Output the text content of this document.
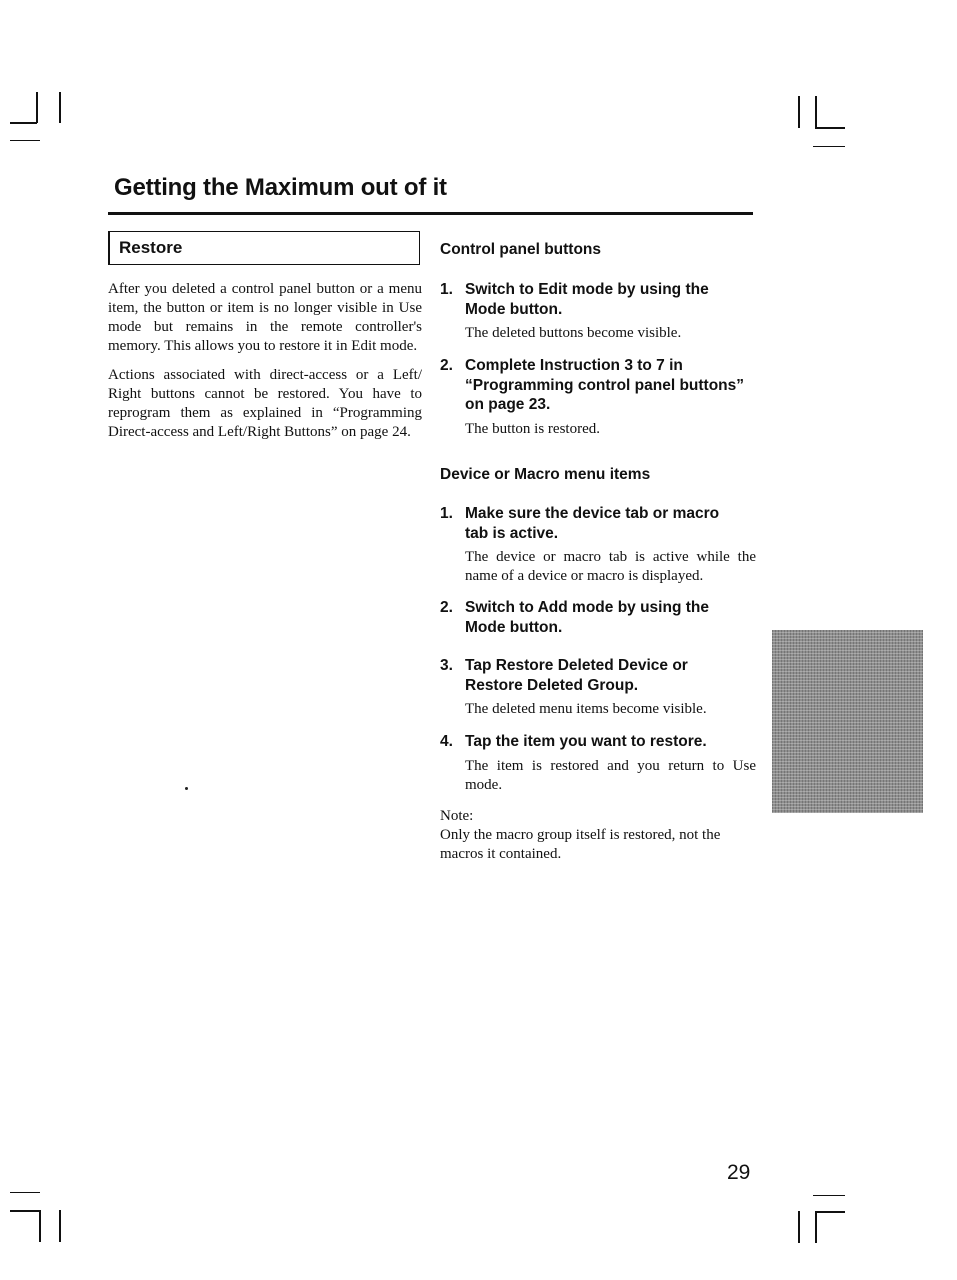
Getting the Maximum out of it
Restore

After you deleted a control panel button or a menu item, the button or item is no longer visible in Use mode but remains in the remote controller's memory. This allows you to restore it in Edit mode.

Actions associated with direct-access or a Left/ Right buttons cannot be restored. You have to reprogram them as explained in “Programming Direct-access and Left/Right Buttons” on page 24.

Control panel buttons
1. Switch to Edit mode by using the Mode button.

The deleted buttons become visible.

2. Complete Instruction 3 to 7 in “Programming control panel buttons” on page 23.

The button is restored.

Device or Macro menu items
1. Make sure the device tab or macro tab is active.

The device or macro tab is active while the name of a device or macro is displayed.

2. Switch to Add mode by using the Mode button.

3. Tap Restore Deleted Device or Restore Deleted Group.

The deleted menu items become visible.

4. Tap the item you want to restore.

The item is restored and you return to Use mode.

Note:

Only the macro group itself is restored, not the macros it contained.

29
